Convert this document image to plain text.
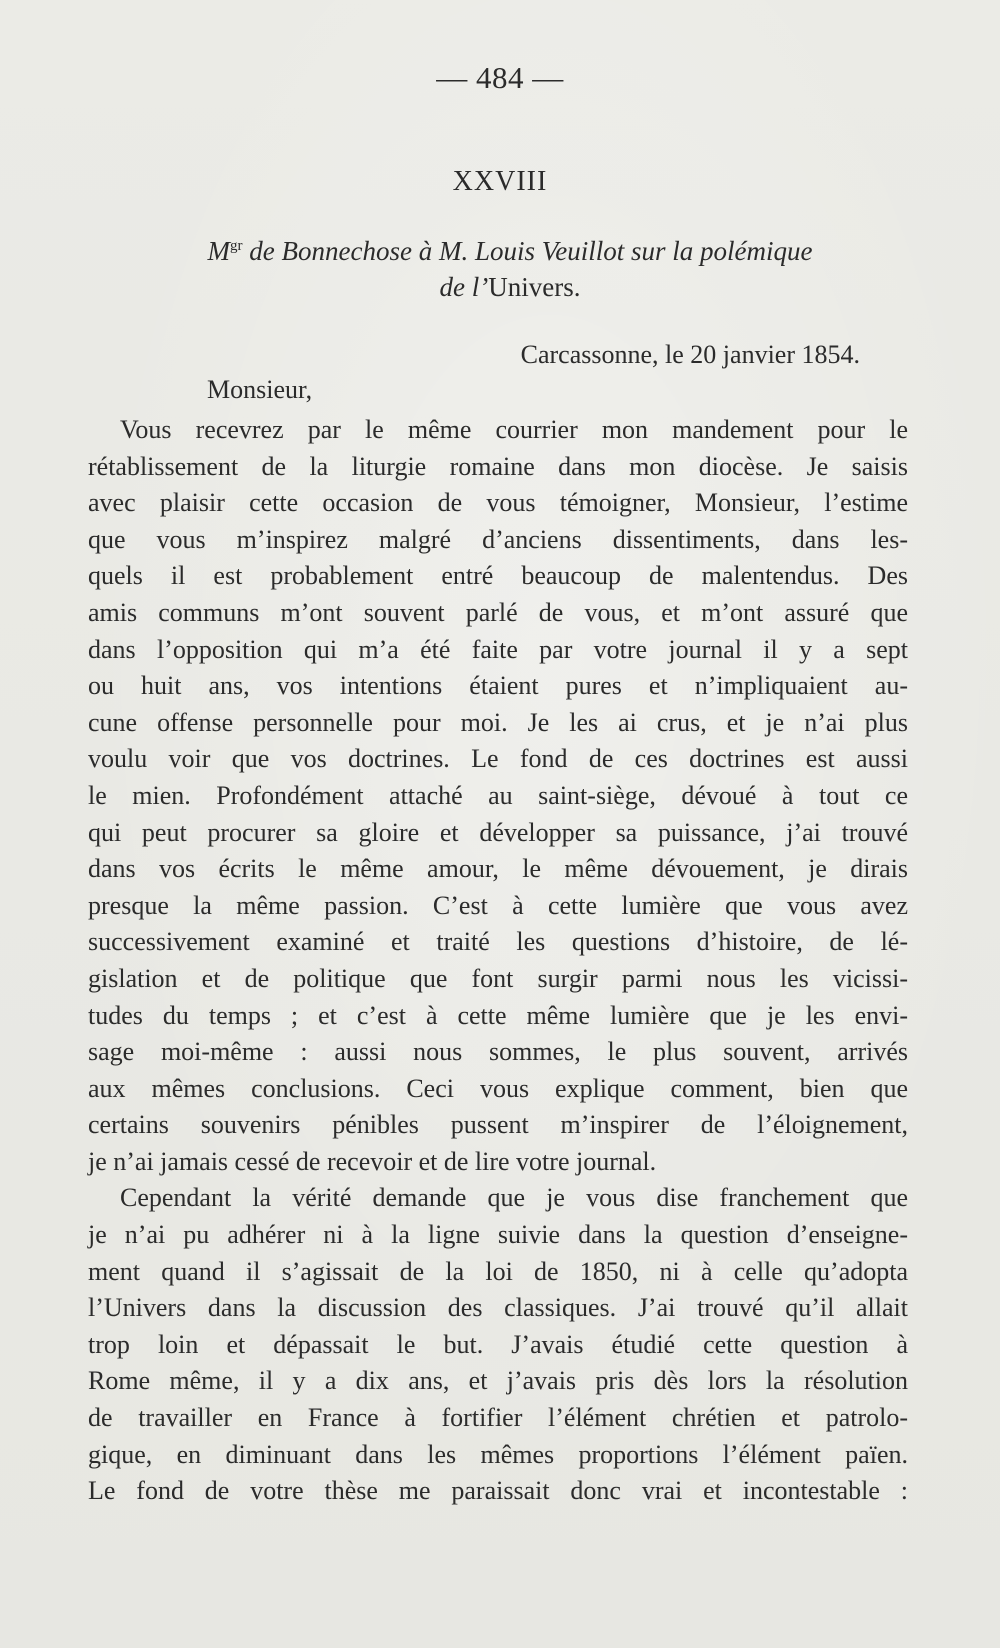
— 484 —
XXVIII
$M^{gr}$ de Bonnechose à M. Louis Veuillot sur la polémique
de l’Univers.
Carcassonne, le 20 janvier 1854.
Monsieur,
Vous recevrez par le même courrier mon mandement pour le
rétablissement de la liturgie romaine dans mon diocèse. Je saisis
avec plaisir cette occasion de vous témoigner, Monsieur, l’estime
que vous m’inspirez malgré d’anciens dissentiments, dans les-
quels il est probablement entré beaucoup de malentendus. Des
amis communs m’ont souvent parlé de vous, et m’ont assuré que
dans l’opposition qui m’a été faite par votre journal il y a sept
ou huit ans, vos intentions étaient pures et n’impliquaient au-
cune offense personnelle pour moi. Je les ai crus, et je n’ai plus
voulu voir que vos doctrines. Le fond de ces doctrines est aussi
le mien. Profondément attaché au saint-siège, dévoué à tout ce
qui peut procurer sa gloire et développer sa puissance, j’ai trouvé
dans vos écrits le même amour, le même dévouement, je dirais
presque la même passion. C’est à cette lumière que vous avez
successivement examiné et traité les questions d’histoire, de lé-
gislation et de politique que font surgir parmi nous les vicissi-
tudes du temps ; et c’est à cette même lumière que je les envi-
sage moi-même : aussi nous sommes, le plus souvent, arrivés
aux mêmes conclusions. Ceci vous explique comment, bien que
certains souvenirs pénibles pussent m’inspirer de l’éloignement,
je n’ai jamais cessé de recevoir et de lire votre journal.
Cependant la vérité demande que je vous dise franchement que
je n’ai pu adhérer ni à la ligne suivie dans la question d’enseigne-
ment quand il s’agissait de la loi de 1850, ni à celle qu’adopta
l’Univers dans la discussion des classiques. J’ai trouvé qu’il allait
trop loin et dépassait le but. J’avais étudié cette question à
Rome même, il y a dix ans, et j’avais pris dès lors la résolution
de travailler en France à fortifier l’élément chrétien et patrolo-
gique, en diminuant dans les mêmes proportions l’élément païen.
Le fond de votre thèse me paraissait donc vrai et incontestable :
